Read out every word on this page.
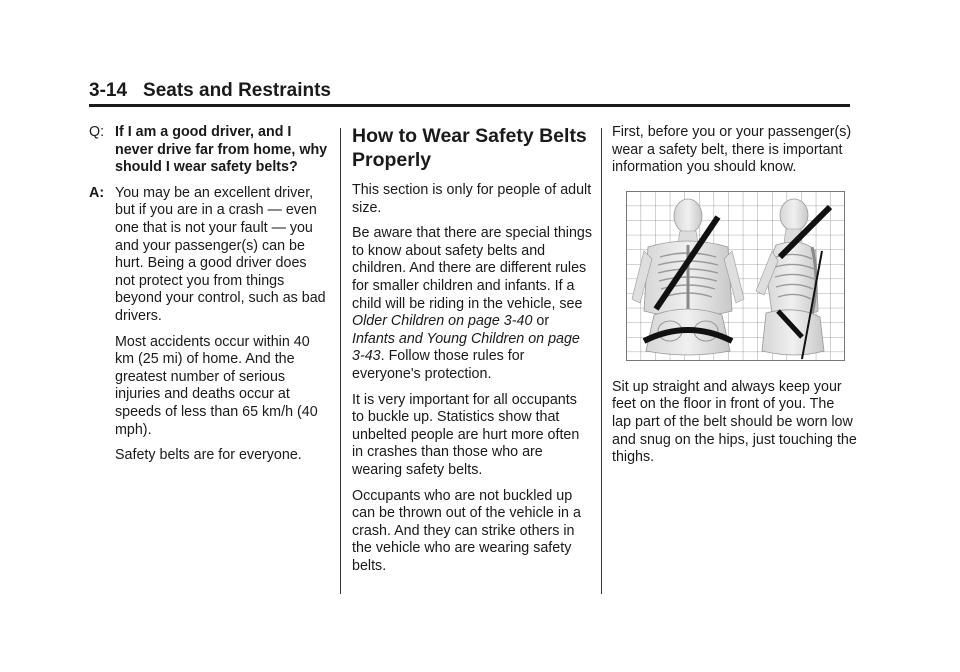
3-14 Seats and Restraints
Q: If I am a good driver, and I never drive far from home, why should I wear safety belts?
A: You may be an excellent driver, but if you are in a crash — even one that is not your fault — you and your passenger(s) can be hurt. Being a good driver does not protect you from things beyond your control, such as bad drivers.

Most accidents occur within 40 km (25 mi) of home. And the greatest number of serious injuries and deaths occur at speeds of less than 65 km/h (40 mph).

Safety belts are for everyone.

How to Wear Safety Belts Properly

This section is only for people of adult size.

Be aware that there are special things to know about safety belts and children. And there are different rules for smaller children and infants. If a child will be riding in the vehicle, see Older Children on page 3-40 or Infants and Young Children on page 3-43. Follow those rules for everyone's protection.

It is very important for all occupants to buckle up. Statistics show that unbelted people are hurt more often in crashes than those who are wearing safety belts.

Occupants who are not buckled up can be thrown out of the vehicle in a crash. And they can strike others in the vehicle who are wearing safety belts.

First, before you or your passenger(s) wear a safety belt, there is important information you should know.

Sit up straight and always keep your feet on the floor in front of you. The lap part of the belt should be worn low and snug on the hips, just touching the thighs.
